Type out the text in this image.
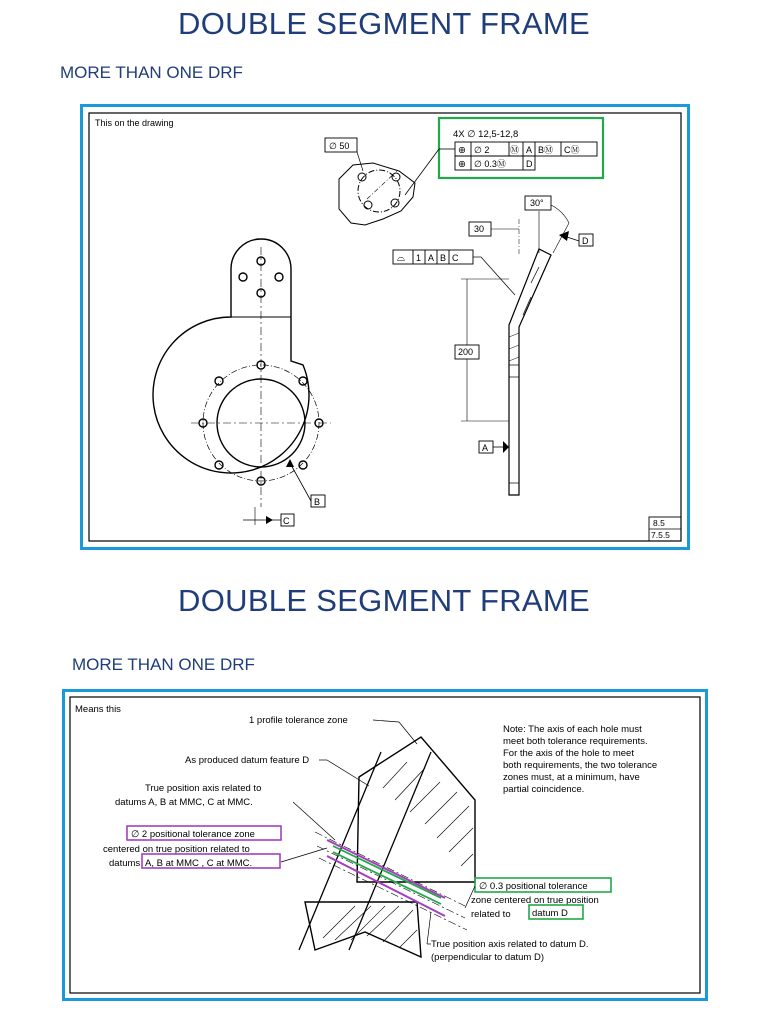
DOUBLE SEGMENT FRAME
MORE THAN ONE DRF
This on the drawing
4X ∅ 12,5-12,8
⊕ ∅ 2 Ⓜ A BⓂ CⓂ
⊕ ∅ 0.3Ⓜ D
∅ 50
B
C
30°
30
D
⌓ 1 A B C
200
A
8.5
7.5.5
DOUBLE SEGMENT FRAME
MORE THAN ONE DRF
Means this
1 profile tolerance zone
As produced datum feature D
True position axis related to
datums A, B at MMC, C at MMC.
∅ 2 positional tolerance zone
centered on true position related to
datums A, B at MMC , C at MMC.
∅ 0.3 positional tolerance
zone centered on true position
related to datum D
True position axis related to datum D.
(perpendicular to datum D)
Note: The axis of each hole must
meet both tolerance requirements.
For the axis of the hole to meet
both requirements, the two tolerance
zones must, at a minimum, have
partial coincidence.
